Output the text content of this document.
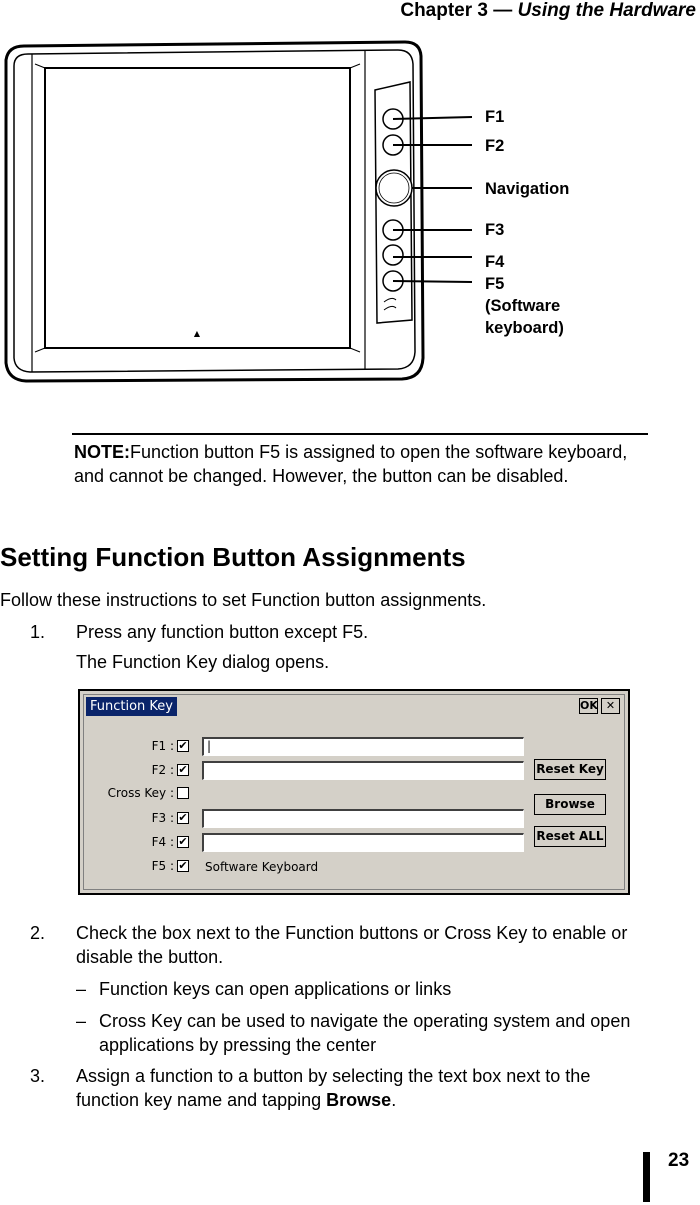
Chapter 3 — Using the Hardware
▲
F1
F2
Navigation
F3
F4
F5
(Software
keyboard)
NOTE:Function button F5 is assigned to open the software keyboard, and cannot be changed. However, the button can be disabled.
Setting Function Button Assignments
Follow these instructions to set Function button assignments.
1.	Press any function button except F5.
The Function Key dialog opens.
Function Key	OK ✕
F1 : ✔	|
F2 : ✔
Cross Key :
F3 : ✔
F4 : ✔
F5 : ✔ Software Keyboard
Reset Key
Browse
Reset ALL
2.	Check the box next to the Function buttons or Cross Key to enable or disable the button.
– Function keys can open applications or links
– Cross Key can be used to navigate the operating system and open applications by pressing the center
3.	Assign a function to a button by selecting the text box next to the function key name and tapping Browse.
23
